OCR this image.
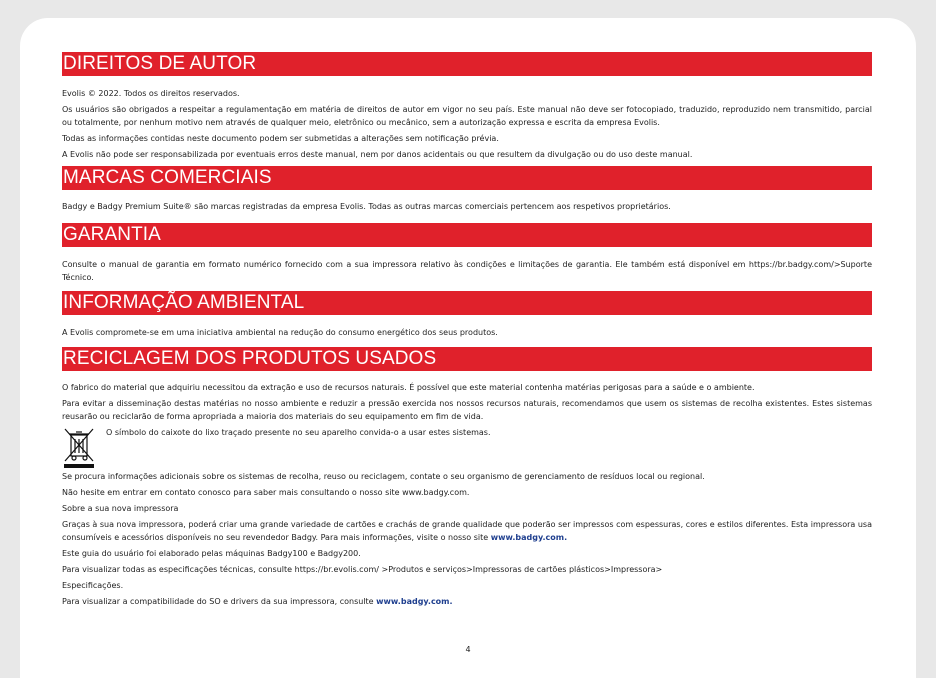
DIREITOS DE AUTOR

Evolis © 2022. Todos os direitos reservados.

Os usuários são obrigados a respeitar a regulamentação em matéria de direitos de autor em vigor no seu país. Este manual não deve ser fotocopiado, traduzido, reproduzido nem transmitido, parcial ou totalmente, por nenhum motivo nem através de qualquer meio, eletrônico ou mecânico, sem a autorização expressa e escrita da empresa Evolis.

Todas as informações contidas neste documento podem ser submetidas a alterações sem notificação prévia.

A Evolis não pode ser responsabilizada por eventuais erros deste manual, nem por danos acidentais ou que resultem da divulgação ou do uso deste manual.

MARCAS COMERCIAIS

Badgy e Badgy Premium Suite® são marcas registradas da empresa Evolis. Todas as outras marcas comerciais pertencem aos respetivos proprietários.

GARANTIA

Consulte o manual de garantia em formato numérico fornecido com a sua impressora relativo às condições e limitações de garantia. Ele também está disponível em https://br.badgy.com/>Suporte Técnico.

INFORMAÇÃO AMBIENTAL

A Evolis compromete-se em uma iniciativa ambiental na redução do consumo energético dos seus produtos.

RECICLAGEM DOS PRODUTOS USADOS

O fabrico do material que adquiriu necessitou da extração e uso de recursos naturais. É possível que este material contenha matérias perigosas para a saúde e o ambiente.

Para evitar a disseminação destas matérias no nosso ambiente e reduzir a pressão exercida nos nossos recursos naturais, recomendamos que usem os sistemas de recolha existentes. Estes sistemas reusarão ou reciclarão de forma apropriada a maioria dos materiais do seu equipamento em fim de vida.

O símbolo do caixote do lixo traçado presente no seu aparelho convida-o a usar estes sistemas.

Se procura informações adicionais sobre os sistemas de recolha, reuso ou reciclagem, contate o seu organismo de gerenciamento de resíduos local ou regional.

Não hesite em entrar em contato conosco para saber mais consultando o nosso site www.badgy.com.

Sobre a sua nova impressora

Graças à sua nova impressora, poderá criar uma grande variedade de cartões e crachás de grande qualidade que poderão ser impressos com espessuras, cores e estilos diferentes. Esta impressora usa consumíveis e acessórios disponíveis no seu revendedor Badgy. Para mais informações, visite o nosso site www.badgy.com.

Este guia do usuário foi elaborado pelas máquinas Badgy100 e Badgy200.

Para visualizar todas as especificações técnicas, consulte https://br.evolis.com/ >Produtos e serviços>Impressoras de cartões plásticos>Impressora>

Especificações.

Para visualizar a compatibilidade do SO e drivers da sua impressora, consulte www.badgy.com.

4
